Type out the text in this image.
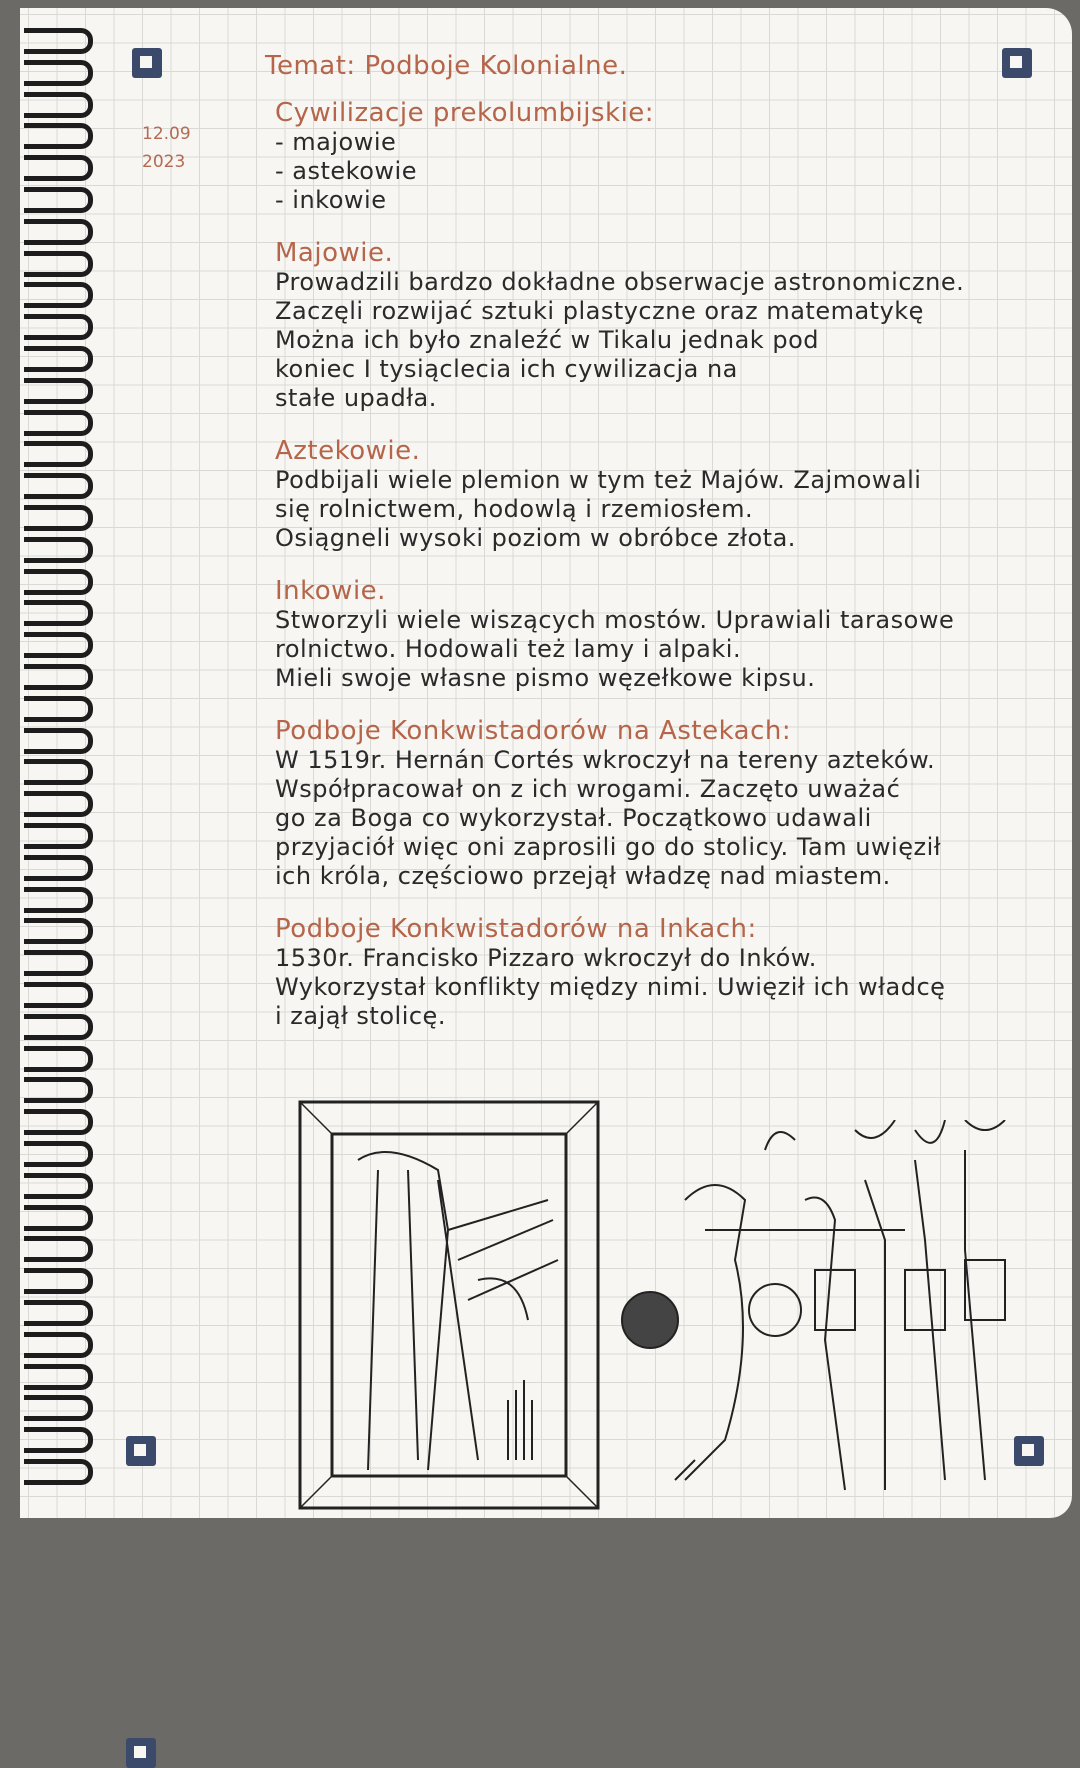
12.09
2023
Temat: Podboje Kolonialne.
Cywilizacje prekolumbijskie:
- majowie
- astekowie
- inkowie
Majowie.
Prowadzili bardzo dokładne obserwacje astronomiczne.
Zaczęli rozwijać sztuki plastyczne oraz matematykę
Można ich było znaleźć w Tikalu jednak pod
koniec I tysiąclecia ich cywilizacja na
stałe upadła.
Aztekowie.
Podbijali wiele plemion w tym też Majów. Zajmowali
się rolnictwem, hodowlą i rzemiosłem.
Osiągneli wysoki poziom w obróbce złota.
Inkowie.
Stworzyli wiele wiszących mostów. Uprawiali tarasowe
rolnictwo. Hodowali też lamy i alpaki.
Mieli swoje własne pismo węzełkowe kipsu.
Podboje Konkwistadorów na Astekach:
W 1519r. Hernán Cortés wkroczył na tereny azteków.
Współpracował on z ich wrogami. Zaczęto uważać
go za Boga co wykorzystał. Początkowo udawali
przyjaciół więc oni zaprosili go do stolicy. Tam uwięził
ich króla, częściowo przejął władzę nad miastem.
Podboje Konkwistadorów na Inkach:
1530r. Francisko Pizzaro wkroczył do Inków.
Wykorzystał konflikty między nimi. Uwięził ich władcę
i zajął stolicę.
